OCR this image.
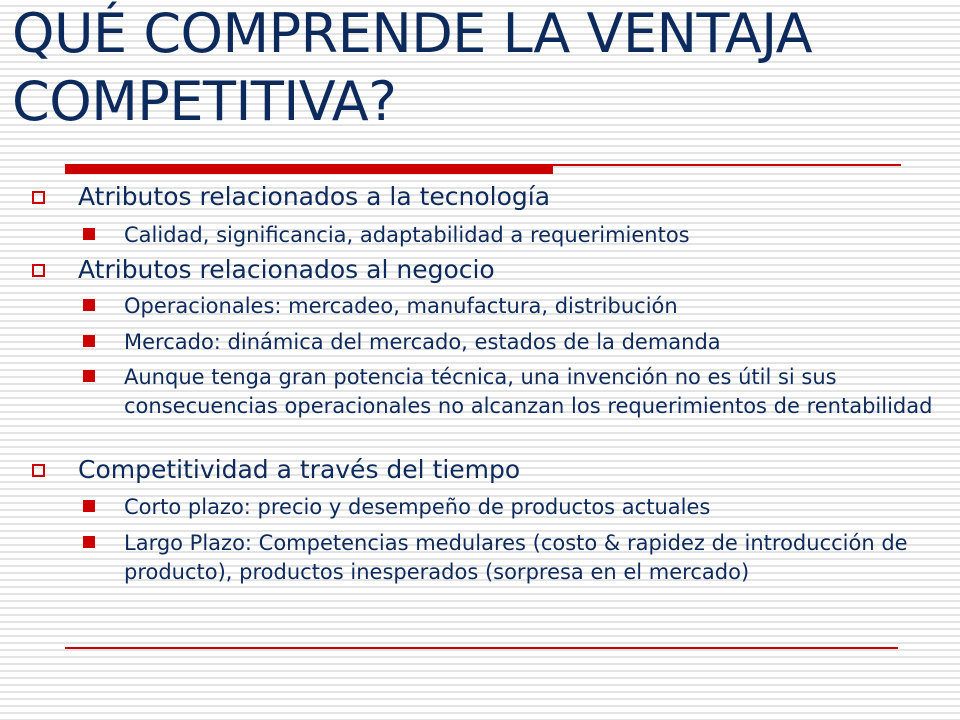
QUÉ COMPRENDE LA VENTAJA COMPETITIVA?
Atributos relacionados a la tecnología
Calidad, significancia, adaptabilidad a requerimientos
Atributos relacionados al negocio
Operacionales: mercadeo, manufactura, distribución
Mercado: dinámica del mercado, estados de la demanda
Aunque tenga gran potencia técnica, una invención no es útil si sus consecuencias operacionales no alcanzan los requerimientos de rentabilidad
Competitividad a través del tiempo
Corto plazo: precio y desempeño de productos actuales
Largo Plazo: Competencias medulares (costo & rapidez de introducción de producto), productos inesperados (sorpresa en el mercado)
